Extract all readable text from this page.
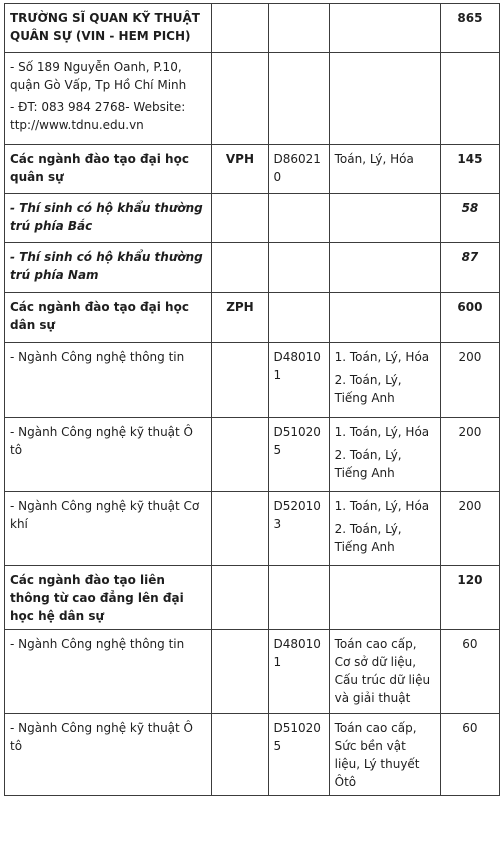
TRƯỜNG SĨ QUAN KỸ THUẬT QUÂN SỰ (VIN - HEM PICH)				865

- Số 189 Nguyễn Oanh, P.10, quận Gò Vấp, Tp Hồ Chí Minh
- ĐT: 083 984 2768- Website: ttp://www.tdnu.edu.vn				

Các ngành đào tạo đại học quân sự	VPH	D860210	Toán, Lý, Hóa	145
- Thí sinh có hộ khẩu thường trú phía Bắc				58
- Thí sinh có hộ khẩu thường trú phía Nam				87
Các ngành đào tạo đại học dân sự	ZPH			600
- Ngành Công nghệ thông tin		D480101	1. Toán, Lý, Hóa
2. Toán, Lý, Tiếng Anh	200
- Ngành Công nghệ kỹ thuật Ô tô		D510205	1. Toán, Lý, Hóa
2. Toán, Lý, Tiếng Anh	200
- Ngành Công nghệ kỹ thuật Cơ khí		D520103	1. Toán, Lý, Hóa
2. Toán, Lý, Tiếng Anh	200
Các ngành đào tạo liên thông từ cao đẳng lên đại học hệ dân sự				120
- Ngành Công nghệ thông tin		D480101	Toán cao cấp, Cơ sở dữ liệu, Cấu trúc dữ liệu và giải thuật	60
- Ngành Công nghệ kỹ thuật Ô tô		D510205	Toán cao cấp, Sức bền vật liệu, Lý thuyết Ôtô	60
